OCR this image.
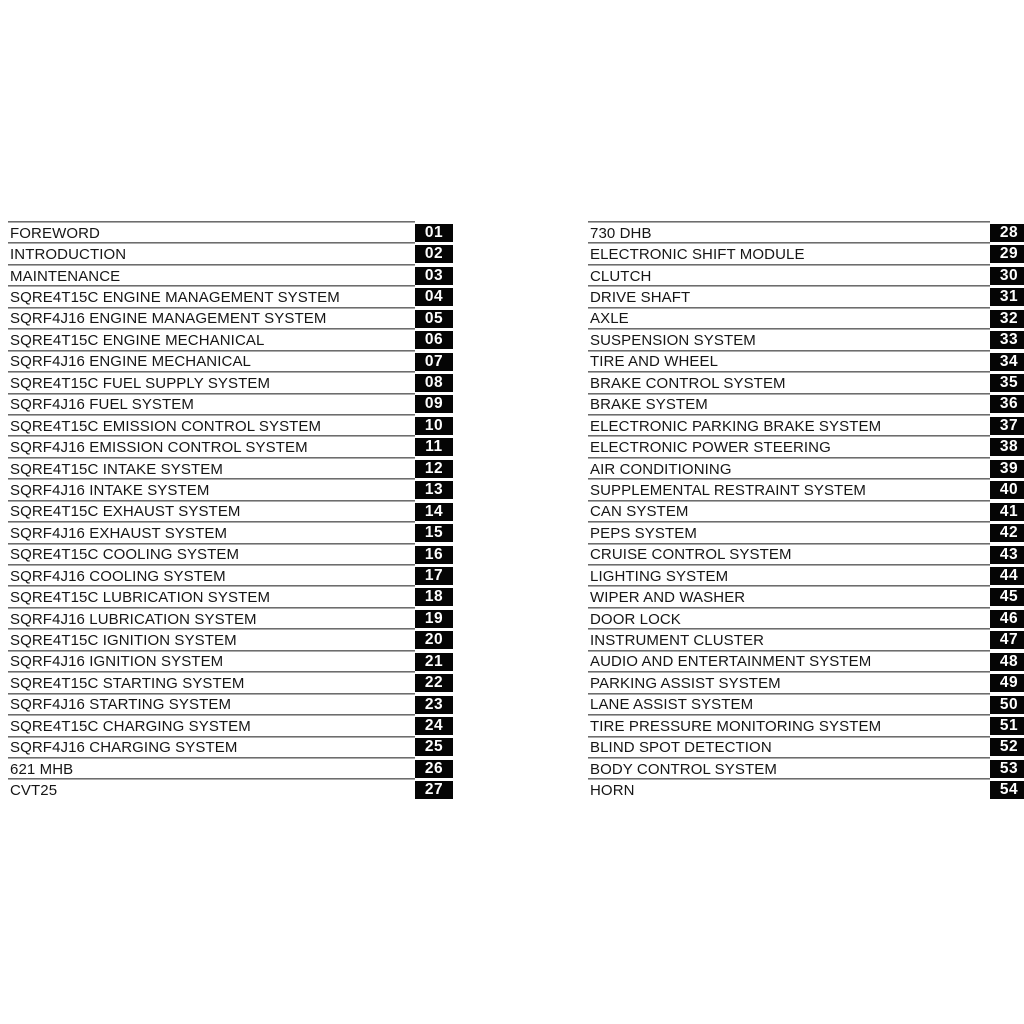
FOREWORD	01
INTRODUCTION	02
MAINTENANCE	03
SQRE4T15C ENGINE MANAGEMENT SYSTEM	04
SQRF4J16 ENGINE MANAGEMENT SYSTEM	05
SQRE4T15C ENGINE MECHANICAL	06
SQRF4J16 ENGINE MECHANICAL	07
SQRE4T15C FUEL SUPPLY SYSTEM	08
SQRF4J16 FUEL SYSTEM	09
SQRE4T15C EMISSION CONTROL SYSTEM	10
SQRF4J16 EMISSION CONTROL SYSTEM	11
SQRE4T15C INTAKE SYSTEM	12
SQRF4J16 INTAKE SYSTEM	13
SQRE4T15C EXHAUST SYSTEM	14
SQRF4J16 EXHAUST SYSTEM	15
SQRE4T15C COOLING SYSTEM	16
SQRF4J16 COOLING SYSTEM	17
SQRE4T15C LUBRICATION SYSTEM	18
SQRF4J16 LUBRICATION SYSTEM	19
SQRE4T15C IGNITION SYSTEM	20
SQRF4J16 IGNITION SYSTEM	21
SQRE4T15C STARTING SYSTEM	22
SQRF4J16 STARTING SYSTEM	23
SQRE4T15C CHARGING SYSTEM	24
SQRF4J16 CHARGING SYSTEM	25
621 MHB	26
CVT25	27
730 DHB	28
ELECTRONIC SHIFT MODULE	29
CLUTCH	30
DRIVE SHAFT	31
AXLE	32
SUSPENSION SYSTEM	33
TIRE AND WHEEL	34
BRAKE CONTROL SYSTEM	35
BRAKE SYSTEM	36
ELECTRONIC PARKING BRAKE SYSTEM	37
ELECTRONIC POWER STEERING	38
AIR CONDITIONING	39
SUPPLEMENTAL RESTRAINT SYSTEM	40
CAN SYSTEM	41
PEPS SYSTEM	42
CRUISE CONTROL SYSTEM	43
LIGHTING SYSTEM	44
WIPER AND WASHER	45
DOOR LOCK	46
INSTRUMENT CLUSTER	47
AUDIO AND ENTERTAINMENT SYSTEM	48
PARKING ASSIST SYSTEM	49
LANE ASSIST SYSTEM	50
TIRE PRESSURE MONITORING SYSTEM	51
BLIND SPOT DETECTION	52
BODY CONTROL SYSTEM	53
HORN	54
